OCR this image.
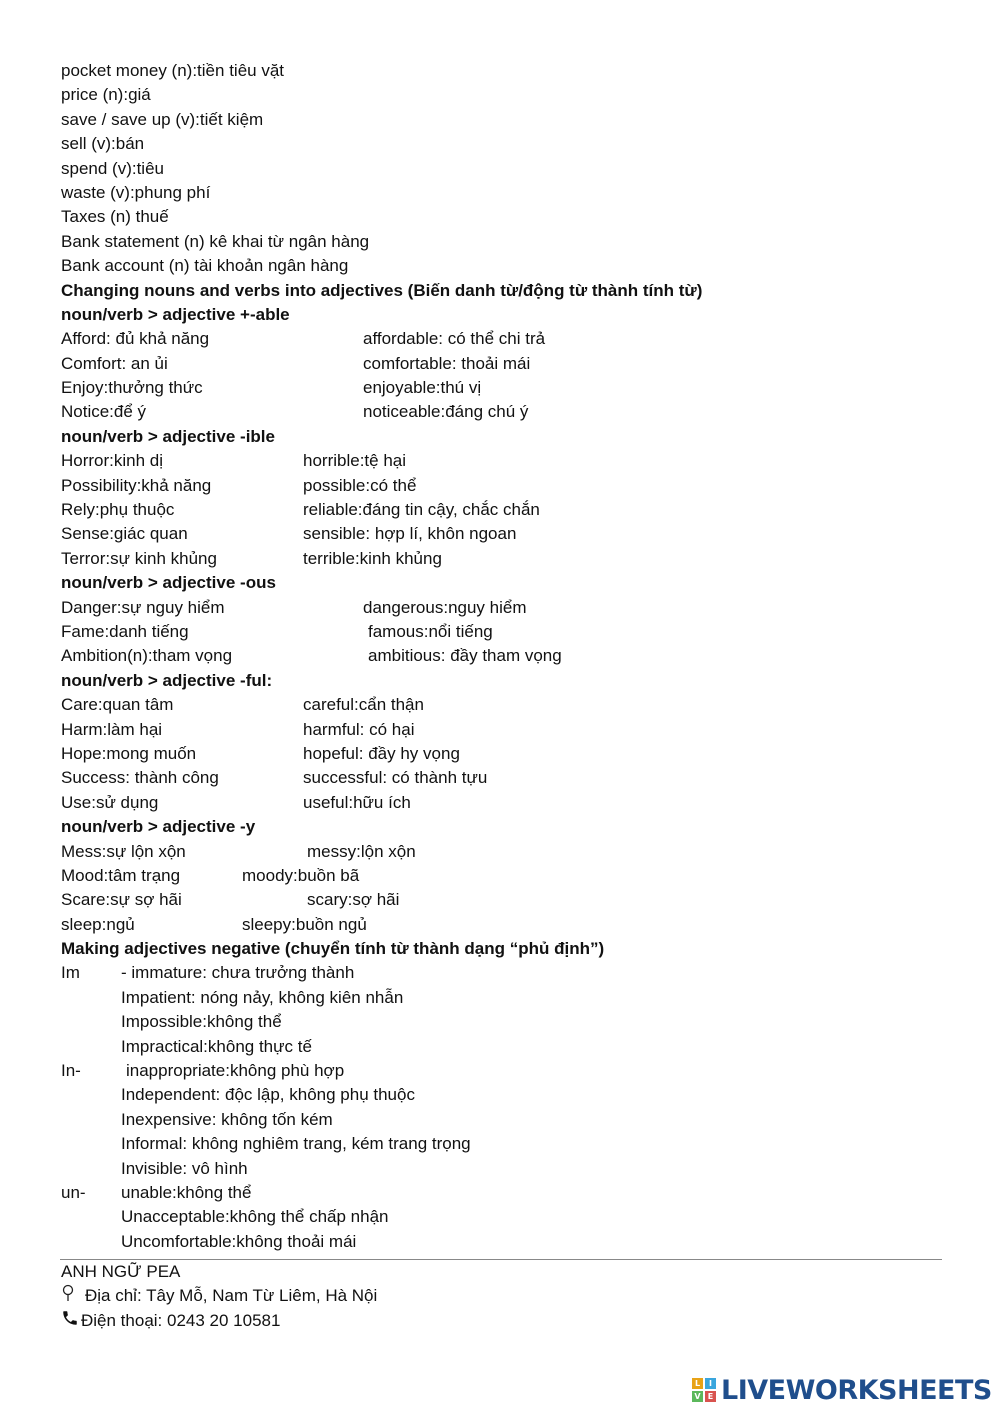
pocket money (n):tiền tiêu vặt
price (n):giá
save / save up (v):tiết kiệm
sell (v):bán
spend (v):tiêu
waste (v):phung phí
Taxes (n) thuế
Bank statement (n) kê khai từ ngân hàng
Bank account (n) tài khoản ngân hàng
Changing nouns and verbs into adjectives (Biến danh từ/động từ thành tính từ)
noun/verb > adjective +-able
Afford: đủ khả năng	affordable: có thể chi trả
Comfort: an ủi	comfortable: thoải mái
Enjoy:thưởng thức	enjoyable:thú vị
Notice:để ý	noticeable:đáng chú ý
noun/verb > adjective -ible
Horror:kinh dị	horrible:tệ hại
Possibility:khả năng	possible:có thể
Rely:phụ thuộc	reliable:đáng tin cậy, chắc chắn
Sense:giác quan	sensible: hợp lí, khôn ngoan
Terror:sự kinh khủng	terrible:kinh khủng
noun/verb > adjective -ous
Danger:sự nguy hiểm	dangerous:nguy hiểm
Fame:danh tiếng	famous:nổi tiếng
Ambition(n):tham vọng	ambitious: đầy tham vọng
noun/verb > adjective -ful:
Care:quan tâm	careful:cẩn thận
Harm:làm hại	harmful: có hại
Hope:mong muốn	hopeful: đầy hy vọng
Success: thành công	successful: có thành tựu
Use:sử dụng	useful:hữu ích
noun/verb > adjective -y
Mess:sự lộn xộn	messy:lộn xộn
Mood:tâm trạng	moody:buồn bã
Scare:sự sợ hãi	scary:sợ hãi
sleep:ngủ	sleepy:buồn ngủ
Making adjectives negative (chuyển tính từ thành dạng “phủ định”)
Im - immature: chưa trưởng thành
Impatient: nóng nảy, không kiên nhẫn
Impossible:không thể
Impractical:không thực tế
In-	inappropriate:không phù hợp
Independent: độc lập, không phụ thuộc
Inexpensive: không tốn kém
Informal: không nghiêm trang, kém trang trọng
Invisible: vô hình
un- unable:không thể
Unacceptable:không thể chấp nhận
Uncomfortable:không thoải mái
ANH NGỮ PEA
Địa chỉ: Tây Mỗ, Nam Từ Liêm, Hà Nội
Điện thoại: 0243 20 10581
L	I
V E LIVEWORKSHEETS
